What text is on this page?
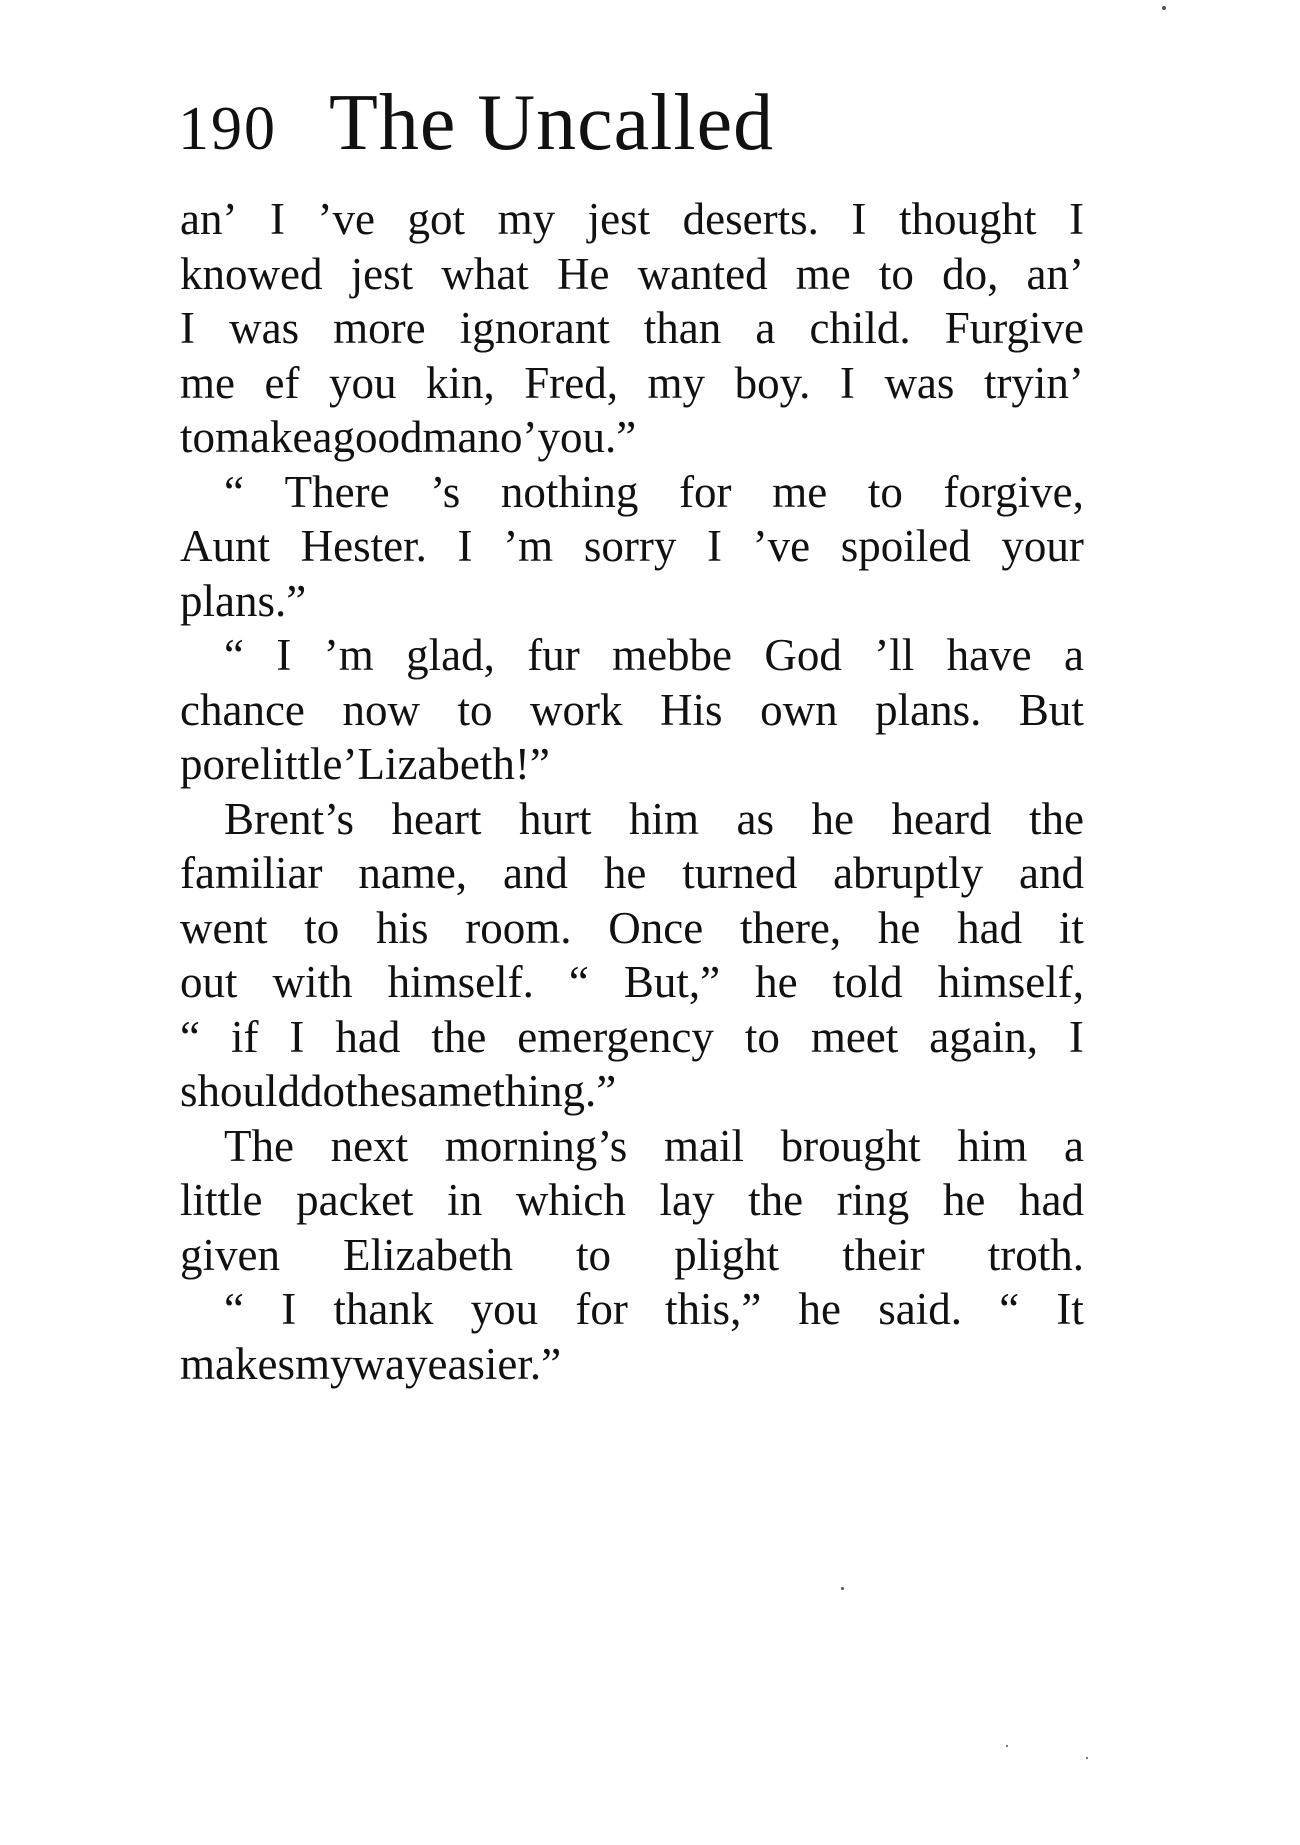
190 The Uncalled
an’ I ’ve got my jest deserts. I thought I
knowed jest what He wanted me to do, an’
I was more ignorant than a child. Furgive
me ef you kin, Fred, my boy. I was tryin’
to make a good man o’ you.”
“ There ’s nothing for me to forgive,
Aunt Hester. I ’m sorry I ’ve spoiled your
plans.”
“ I ’m glad, fur mebbe God ’ll have a
chance now to work His own plans. But
pore little ’Lizabeth !”
Brent’s heart hurt him as he heard the
familiar name, and he turned abruptly and
went to his room. Once there, he had it
out with himself. “ But,” he told himself,
“ if I had the emergency to meet again, I
should do the same thing.”
The next morning’s mail brought him a
little packet in which lay the ring he had
given Elizabeth to plight their troth.
“ I thank you for this,” he said. “ It
makes my way easier.”
